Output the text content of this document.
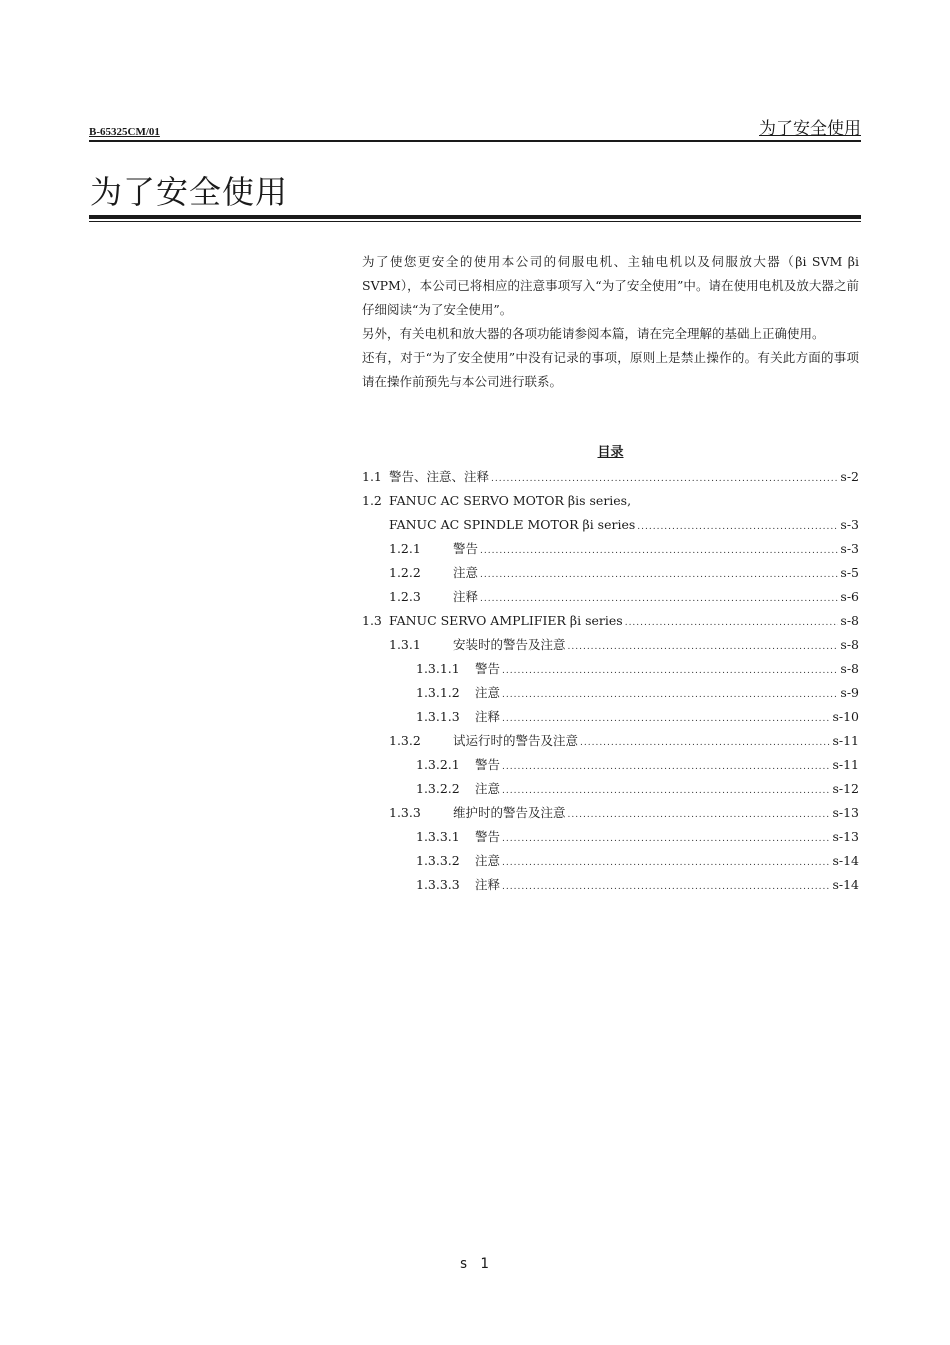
B-65325CM/01	为了安全使用
为了安全使用

为了使您更安全的使用本公司的伺服电机、主轴电机以及伺服放大器（βi SVM βi SVPM），本公司已将相应的注意事项写入“为了安全使用”中。请在使用电机及放大器之前仔细阅读“为了安全使用”。

另外，有关电机和放大器的各项功能请参阅本篇，请在完全理解的基础上正确使用。

还有，对于“为了安全使用”中没有记录的事项，原则上是禁止操作的。有关此方面的事项请在操作前预先与本公司进行联系。

目录
1.1 警告、注意、注释 .....	s-2
1.2 FANUC AC SERVO MOTOR βis series,
FANUC AC SPINDLE MOTOR βi series .....	s-3
1.2.1	警告 .....	s-3
1.2.2	注意 .....	s-5
1.2.3	注释 .....	s-6
1.3 FANUC SERVO AMPLIFIER βi series .....	s-8
1.3.1	安装时的警告及注意 .....	s-8
1.3.1.1	警告 .....	s-8
1.3.1.2	注意 .....	s-9
1.3.1.3	注释 .....	s-10
1.3.2	试运行时的警告及注意 .....	s-11
1.3.2.1	警告 .....	s-11
1.3.2.2	注意 .....	s-12
1.3.3	维护时的警告及注意 .....	s-13
1.3.3.1	警告 .....	s-13
1.3.3.2	注意 .....	s-14
1.3.3.3	注释 .....	s-14
s 1
